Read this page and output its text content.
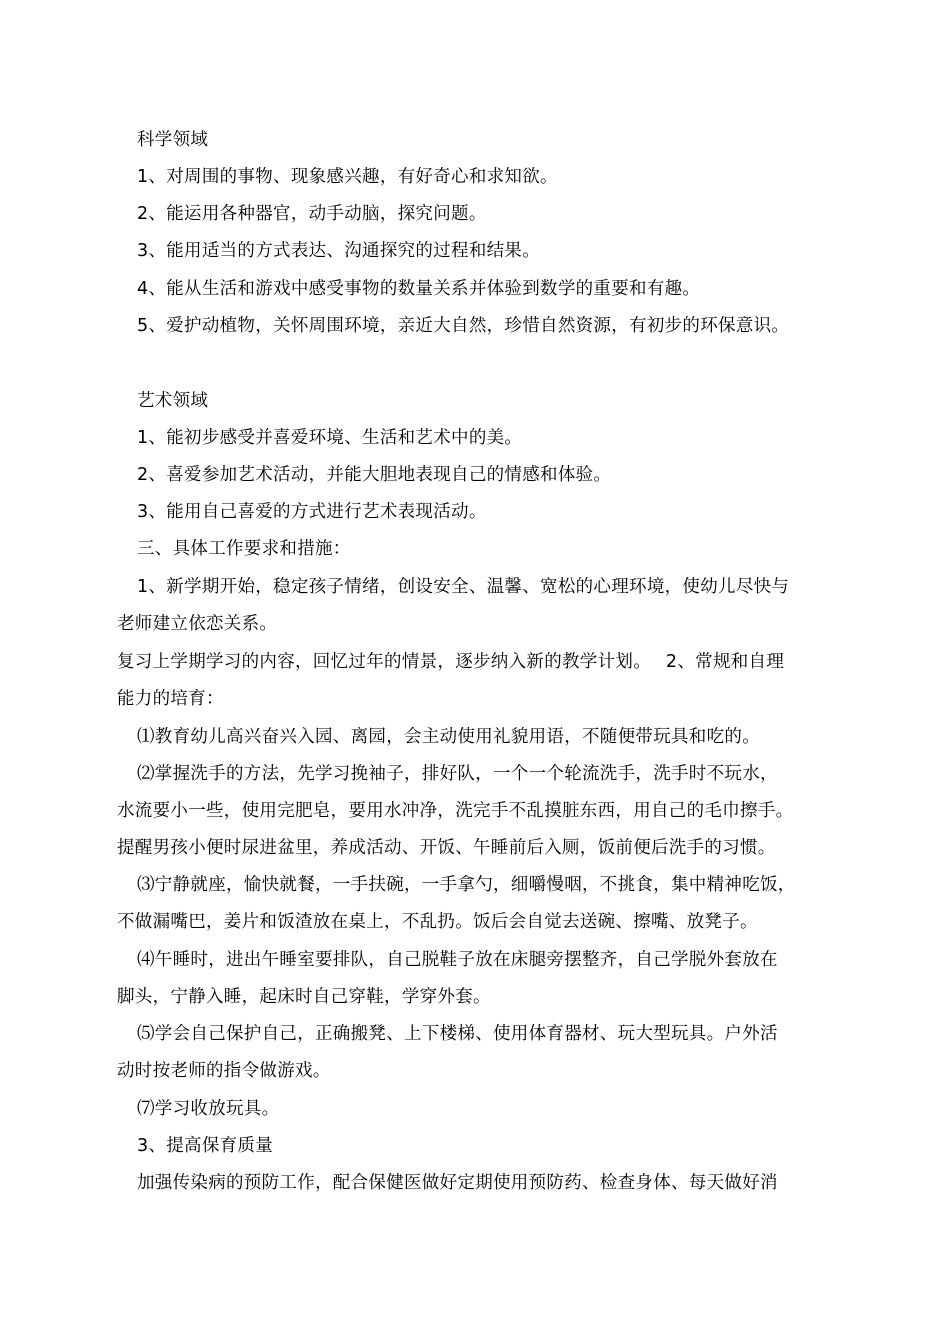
科学领域
1、对周围的事物、现象感兴趣，有好奇心和求知欲。
2、能运用各种器官，动手动脑，探究问题。
3、能用适当的方式表达、沟通探究的过程和结果。
4、能从生活和游戏中感受事物的数量关系并体验到数学的重要和有趣。
5、爱护动植物，关怀周围环境，亲近大自然，珍惜自然资源，有初步的环保意识。
艺术领域
1、能初步感受并喜爱环境、生活和艺术中的美。
2、喜爱参加艺术活动，并能大胆地表现自己的情感和体验。
3、能用自己喜爱的方式进行艺术表现活动。
三、具体工作要求和措施：
1、新学期开始，稳定孩子情绪，创设安全、温馨、宽松的心理环境，使幼儿尽快与
老师建立依恋关系。
复习上学期学习的内容，回忆过年的情景，逐步纳入新的教学计划。　 2、常规和自理
能力的培育：
⑴教育幼儿高兴奋兴入园、离园，会主动使用礼貌用语，不随便带玩具和吃的。
⑵掌握洗手的方法，先学习挽袖子，排好队，一个一个轮流洗手，洗手时不玩水，
水流要小一些，使用完肥皂，要用水冲净，洗完手不乱摸脏东西，用自己的毛巾擦手。
提醒男孩小便时尿进盆里，养成活动、开饭、午睡前后入厕，饭前便后洗手的习惯。
⑶宁静就座，愉快就餐，一手扶碗，一手拿勺，细嚼慢咽，不挑食，集中精神吃饭，
不做漏嘴巴，姜片和饭渣放在桌上，不乱扔。饭后会自觉去送碗、擦嘴、放凳子。
⑷午睡时，进出午睡室要排队，自己脱鞋子放在床腿旁摆整齐，自己学脱外套放在
脚头，宁静入睡，起床时自己穿鞋，学穿外套。
⑸学会自己保护自己，正确搬凳、上下楼梯、使用体育器材、玩大型玩具。户外活
动时按老师的指令做游戏。
⑺学习收放玩具。
3、提高保育质量
加强传染病的预防工作，配合保健医做好定期使用预防药、检查身体、每天做好消
